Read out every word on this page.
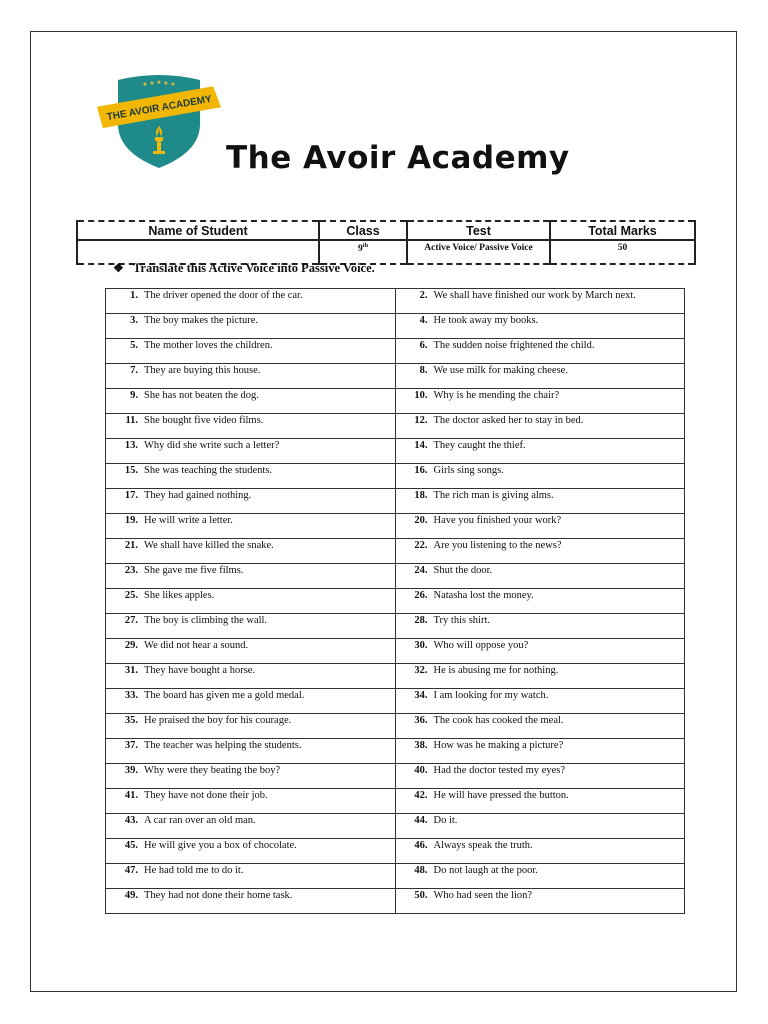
★ ★ ★ ★ ★
THE AVOIR ACADEMY
The Avoir Academy
Name of Student	Class	Test	Total Marks
	9th	Active Voice/ Passive Voice	50
❖ Translate this Active Voice into Passive Voice.
1. The driver opened the door of the car.	2. We shall have finished our work by March next.

3. The boy makes the picture.	4. He took away my books.

5. The mother loves the children.	6. The sudden noise frightened the child.

7. They are buying this house.	8. We use milk for making cheese.

9. She has not beaten the dog.	10. Why is he mending the chair?

11. She bought five video films.	12. The doctor asked her to stay in bed.

13. Why did she write such a letter?	14. They caught the thief.

15. She was teaching the students.	16. Girls sing songs.

17. They had gained nothing.	18. The rich man is giving alms.

19. He will write a letter.	20. Have you finished your work?

21. We shall have killed the snake.	22. Are you listening to the news?

23. She gave me five films.	24. Shut the door.

25. She likes apples.	26. Natasha lost the money.

27. The boy is climbing the wall.	28. Try this shirt.

29. We did not hear a sound.	30. Who will oppose you?

31. They have bought a horse.	32. He is abusing me for nothing.

33. The board has given me a gold medal.	34. I am looking for my watch.

35. He praised the boy for his courage.	36. The cook has cooked the meal.

37. The teacher was helping the students.	38. How was he making a picture?

39. Why were they beating the boy?	40. Had the doctor tested my eyes?

41. They have not done their job.	42. He will have pressed the button.

43. A car ran over an old man.	44. Do it.

45. He will give you a box of chocolate.	46. Always speak the truth.

47. He had told me to do it.	48. Do not laugh at the poor.

49. They had not done their home task.	50. Who had seen the lion?
